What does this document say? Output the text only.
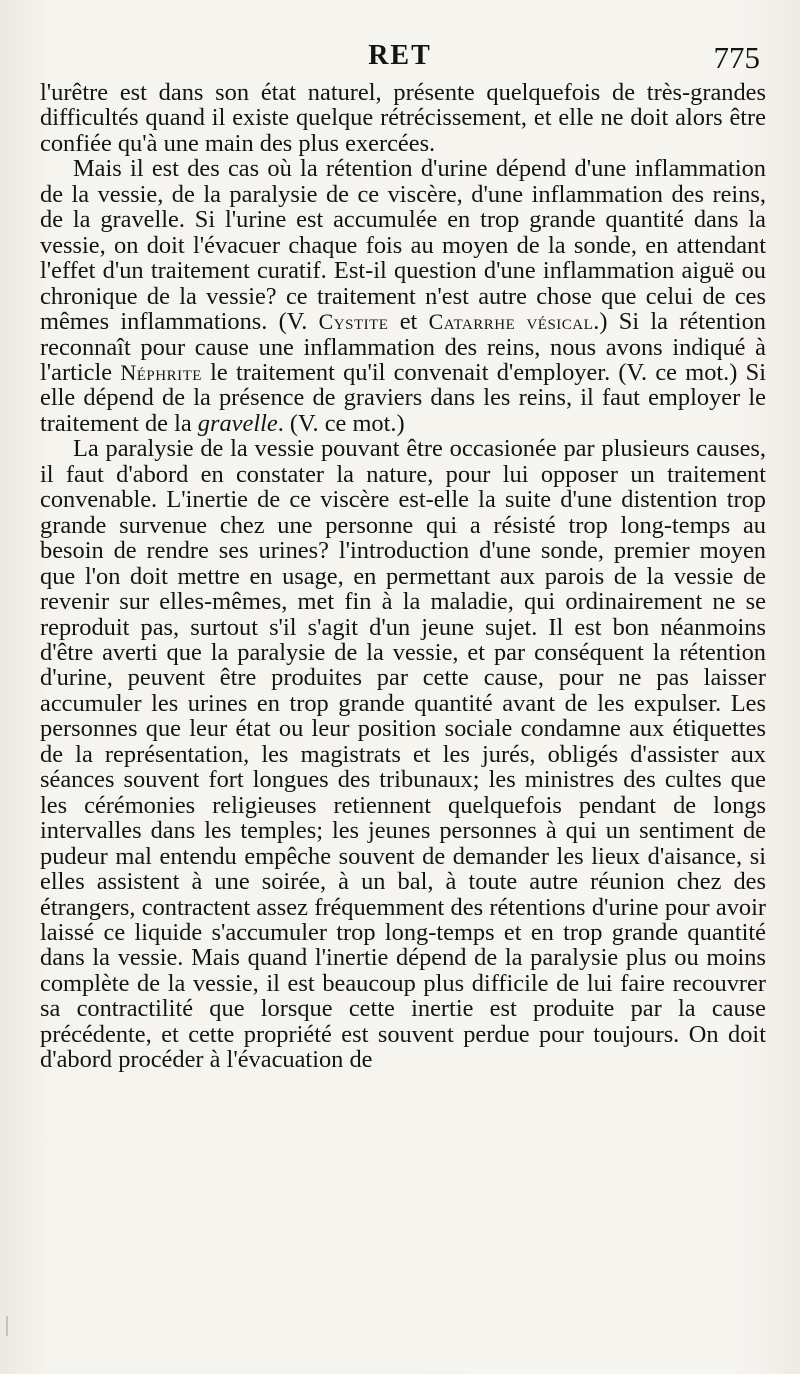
RET	775

l'urêtre est dans son état naturel, présente quelquefois de très-grandes difficultés quand il existe quelque rétrécissement, et elle ne doit alors être confiée qu'à une main des plus exercées.

Mais il est des cas où la rétention d'urine dépend d'une inflammation de la vessie, de la paralysie de ce viscère, d'une inflammation des reins, de la gravelle. Si l'urine est accumulée en trop grande quantité dans la vessie, on doit l'évacuer chaque fois au moyen de la sonde, en attendant l'effet d'un traitement curatif. Est-il question d'une inflammation aiguë ou chronique de la vessie? ce traitement n'est autre chose que celui de ces mêmes inflammations. (V. Cystite et Catarrhe vésical.) Si la rétention reconnaît pour cause une inflammation des reins, nous avons indiqué à l'article Néphrite le traitement qu'il convenait d'employer. (V. ce mot.) Si elle dépend de la présence de graviers dans les reins, il faut employer le traitement de la gravelle. (V. ce mot.)

La paralysie de la vessie pouvant être occasionée par plusieurs causes, il faut d'abord en constater la nature, pour lui opposer un traitement convenable. L'inertie de ce viscère est-elle la suite d'une distention trop grande survenue chez une personne qui a résisté trop long-temps au besoin de rendre ses urines? l'introduction d'une sonde, premier moyen que l'on doit mettre en usage, en permettant aux parois de la vessie de revenir sur elles-mêmes, met fin à la maladie, qui ordinairement ne se reproduit pas, surtout s'il s'agit d'un jeune sujet. Il est bon néanmoins d'être averti que la paralysie de la vessie, et par conséquent la rétention d'urine, peuvent être produites par cette cause, pour ne pas laisser accumuler les urines en trop grande quantité avant de les expulser. Les personnes que leur état ou leur position sociale condamne aux étiquettes de la représentation, les magistrats et les jurés, obligés d'assister aux séances souvent fort longues des tribunaux; les ministres des cultes que les cérémonies religieuses retiennent quelquefois pendant de longs intervalles dans les temples; les jeunes personnes à qui un sentiment de pudeur mal entendu empêche souvent de demander les lieux d'aisance, si elles assistent à une soirée, à un bal, à toute autre réunion chez des étrangers, contractent assez fréquemment des rétentions d'urine pour avoir laissé ce liquide s'accumuler trop long-temps et en trop grande quantité dans la vessie. Mais quand l'inertie dépend de la paralysie plus ou moins complète de la vessie, il est beaucoup plus difficile de lui faire recouvrer sa contractilité que lorsque cette inertie est produite par la cause précédente, et cette propriété est souvent perdue pour toujours. On doit d'abord procéder à l'évacuation de
